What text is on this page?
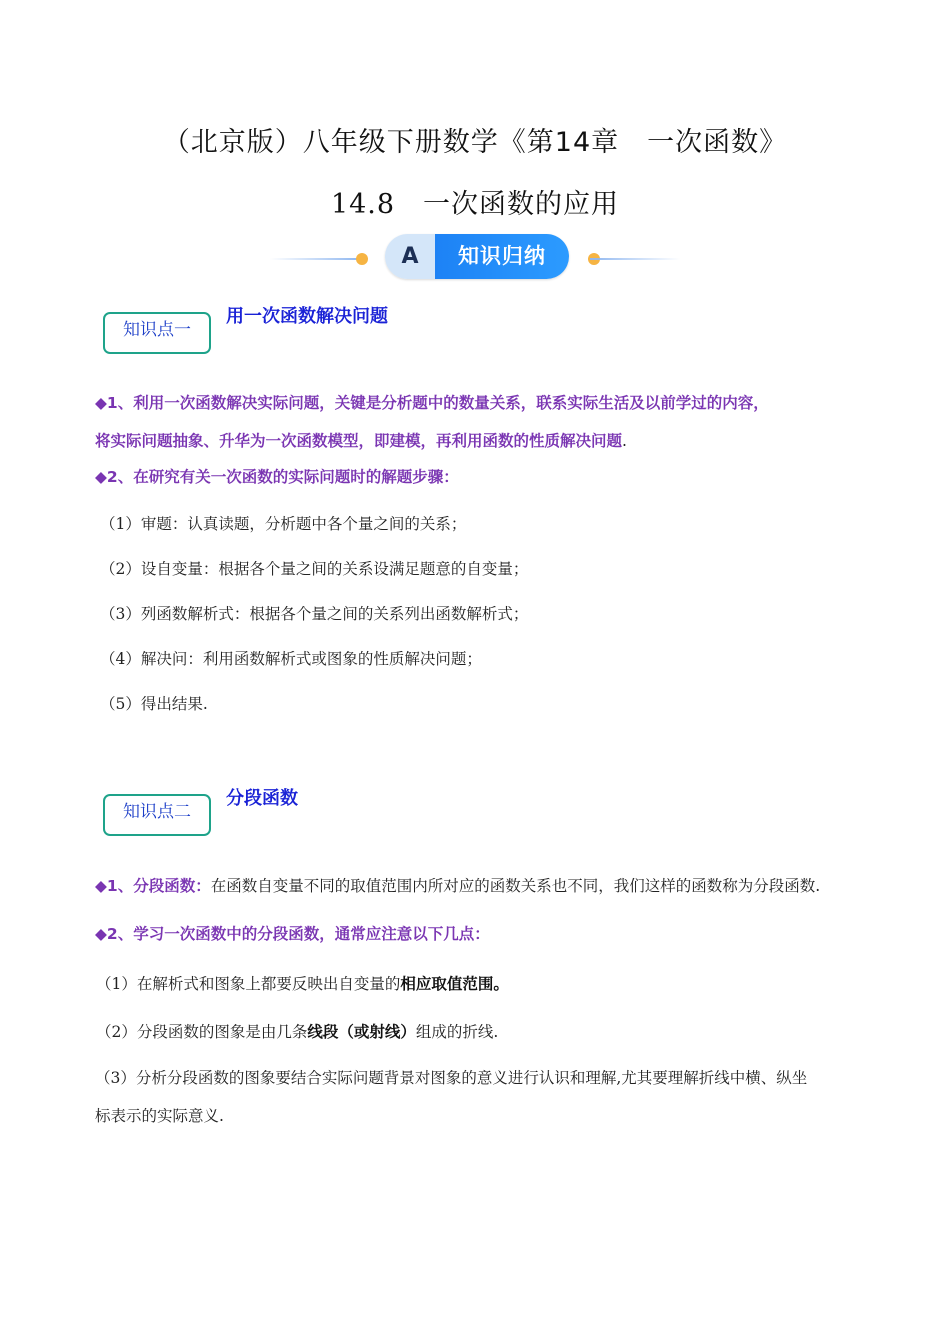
（北京版）八年级下册数学《第14章　一次函数》
14.8　一次函数的应用
A	知识归纳
知识点一
用一次函数解决问题
◆1、利用一次函数解决实际问题，关键是分析题中的数量关系，联系实际生活及以前学过的内容，
将实际问题抽象、升华为一次函数模型，即建模，再利用函数的性质解决问题.
◆2、在研究有关一次函数的实际问题时的解题步骤：
（1）审题：认真读题，分析题中各个量之间的关系；
（2）设自变量：根据各个量之间的关系设满足题意的自变量；
（3）列函数解析式：根据各个量之间的关系列出函数解析式；
（4）解决问：利用函数解析式或图象的性质解决问题；
（5）得出结果.
知识点二
分段函数
◆1、分段函数：在函数自变量不同的取值范围内所对应的函数关系也不同，我们这样的函数称为分段函数.
◆2、学习一次函数中的分段函数，通常应注意以下几点：
（1）在解析式和图象上都要反映出自变量的相应取值范围。
（2）分段函数的图象是由几条线段（或射线）组成的折线.
（3）分析分段函数的图象要结合实际问题背景对图象的意义进行认识和理解,尤其要理解折线中横、纵坐
标表示的实际意义.
